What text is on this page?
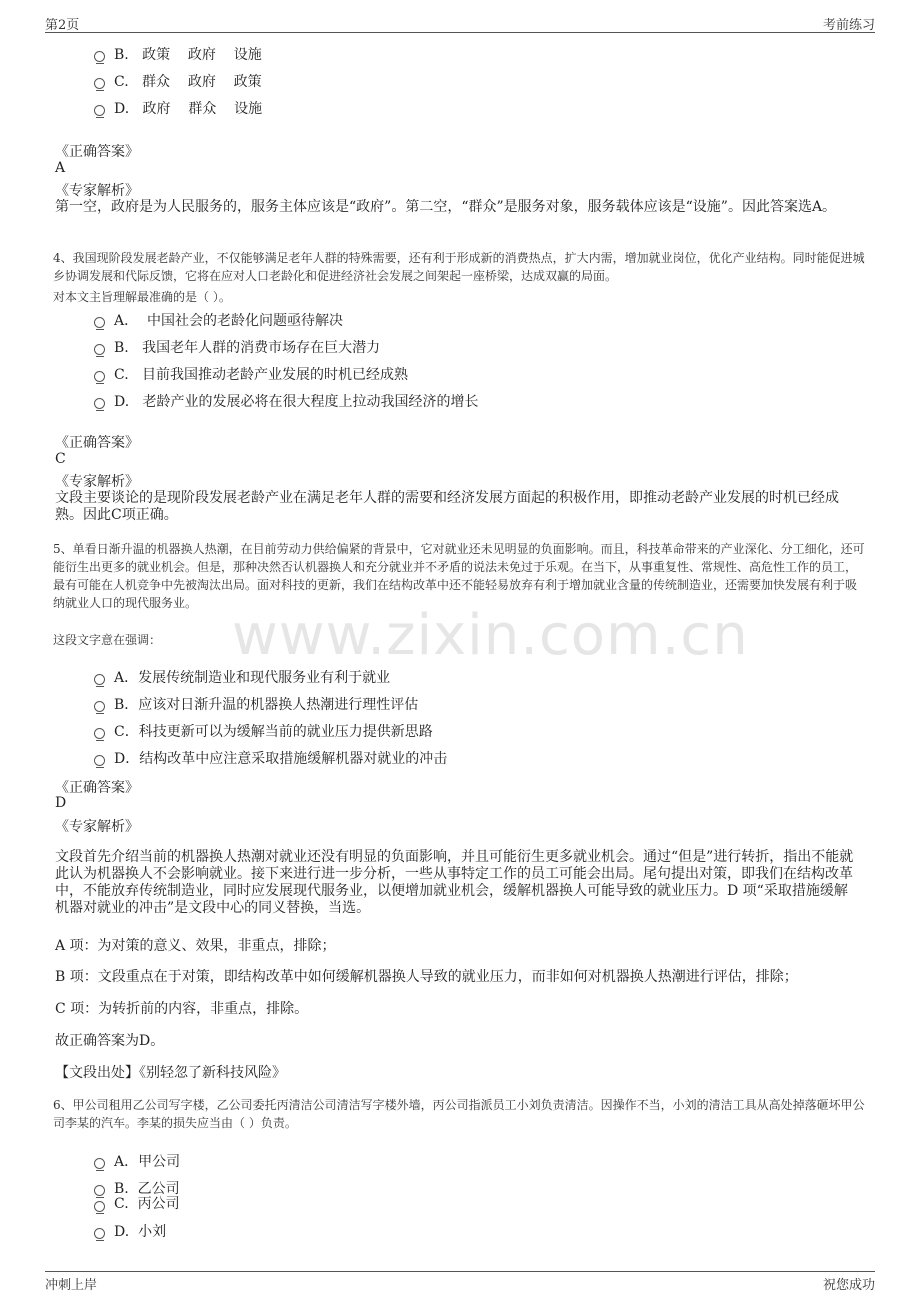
第2页	考前练习
www.zixin.com.cn
B.   政策    政府    设施
C.   群众    政府    政策
D.   政府    群众    设施
《正确答案》
A
《专家解析》
第一空，政府是为人民服务的，服务主体应该是“政府”。第二空，“群众”是服务对象，服务载体应该是“设施”。因此答案选A。
4、我国现阶段发展老龄产业，不仅能够满足老年人群的特殊需要，还有利于形成新的消费热点，扩大内需，增加就业岗位，优化产业结构。同时能促进城乡协调发展和代际反馈，它将在应对人口老龄化和促进经济社会发展之间架起一座桥梁，达成双赢的局面。
对本文主旨理解最准确的是（ ）。
A．  中国社会的老龄化问题亟待解决
B.   我国老年人群的消费市场存在巨大潜力
C.   目前我国推动老龄产业发展的时机已经成熟
D.   老龄产业的发展必将在很大程度上拉动我国经济的增长
《正确答案》
C
《专家解析》
文段主要谈论的是现阶段发展老龄产业在满足老年人群的需要和经济发展方面起的积极作用，即推动老龄产业发展的时机已经成熟。因此C项正确。
5、单看日渐升温的机器换人热潮，在目前劳动力供给偏紧的背景中，它对就业还未见明显的负面影响。而且，科技革命带来的产业深化、分工细化，还可能衍生出更多的就业机会。但是，那种决然否认机器换人和充分就业并不矛盾的说法未免过于乐观。在当下，从事重复性、常规性、高危性工作的员工，最有可能在人机竞争中先被淘汰出局。面对科技的更新，我们在结构改革中还不能轻易放弃有利于增加就业含量的传统制造业，还需要加快发展有利于吸纳就业人口的现代服务业。
这段文字意在强调：
A．发展传统制造业和现代服务业有利于就业
B．应该对日渐升温的机器换人热潮进行理性评估
C．科技更新可以为缓解当前的就业压力提供新思路
D．结构改革中应注意采取措施缓解机器对就业的冲击
《正确答案》
D
《专家解析》
文段首先介绍当前的机器换人热潮对就业还没有明显的负面影响，并且可能衍生更多就业机会。通过“但是”进行转折，指出不能就此认为机器换人不会影响就业。接下来进行进一步分析，一些从事特定工作的员工可能会出局。尾句提出对策，即我们在结构改革中，不能放弃传统制造业，同时应发展现代服务业，以便增加就业机会，缓解机器换人可能导致的就业压力。D 项“采取措施缓解机器对就业的冲击”是文段中心的同义替换，当选。
A 项：为对策的意义、效果，非重点，排除；
B 项：文段重点在于对策，即结构改革中如何缓解机器换人导致的就业压力，而非如何对机器换人热潮进行评估，排除；
C 项：为转折前的内容，非重点，排除。
故正确答案为D。
【文段出处】《别轻忽了新科技风险》
6、甲公司租用乙公司写字楼，乙公司委托丙清洁公司清洁写字楼外墙，丙公司指派员工小刘负责清洁。因操作不当，小刘的清洁工具从高处掉落砸坏甲公司李某的汽车。李某的损失应当由（ ）负责。
A．甲公司
B.  乙公司
C.  丙公司
D.  小刘
冲刺上岸	祝您成功
